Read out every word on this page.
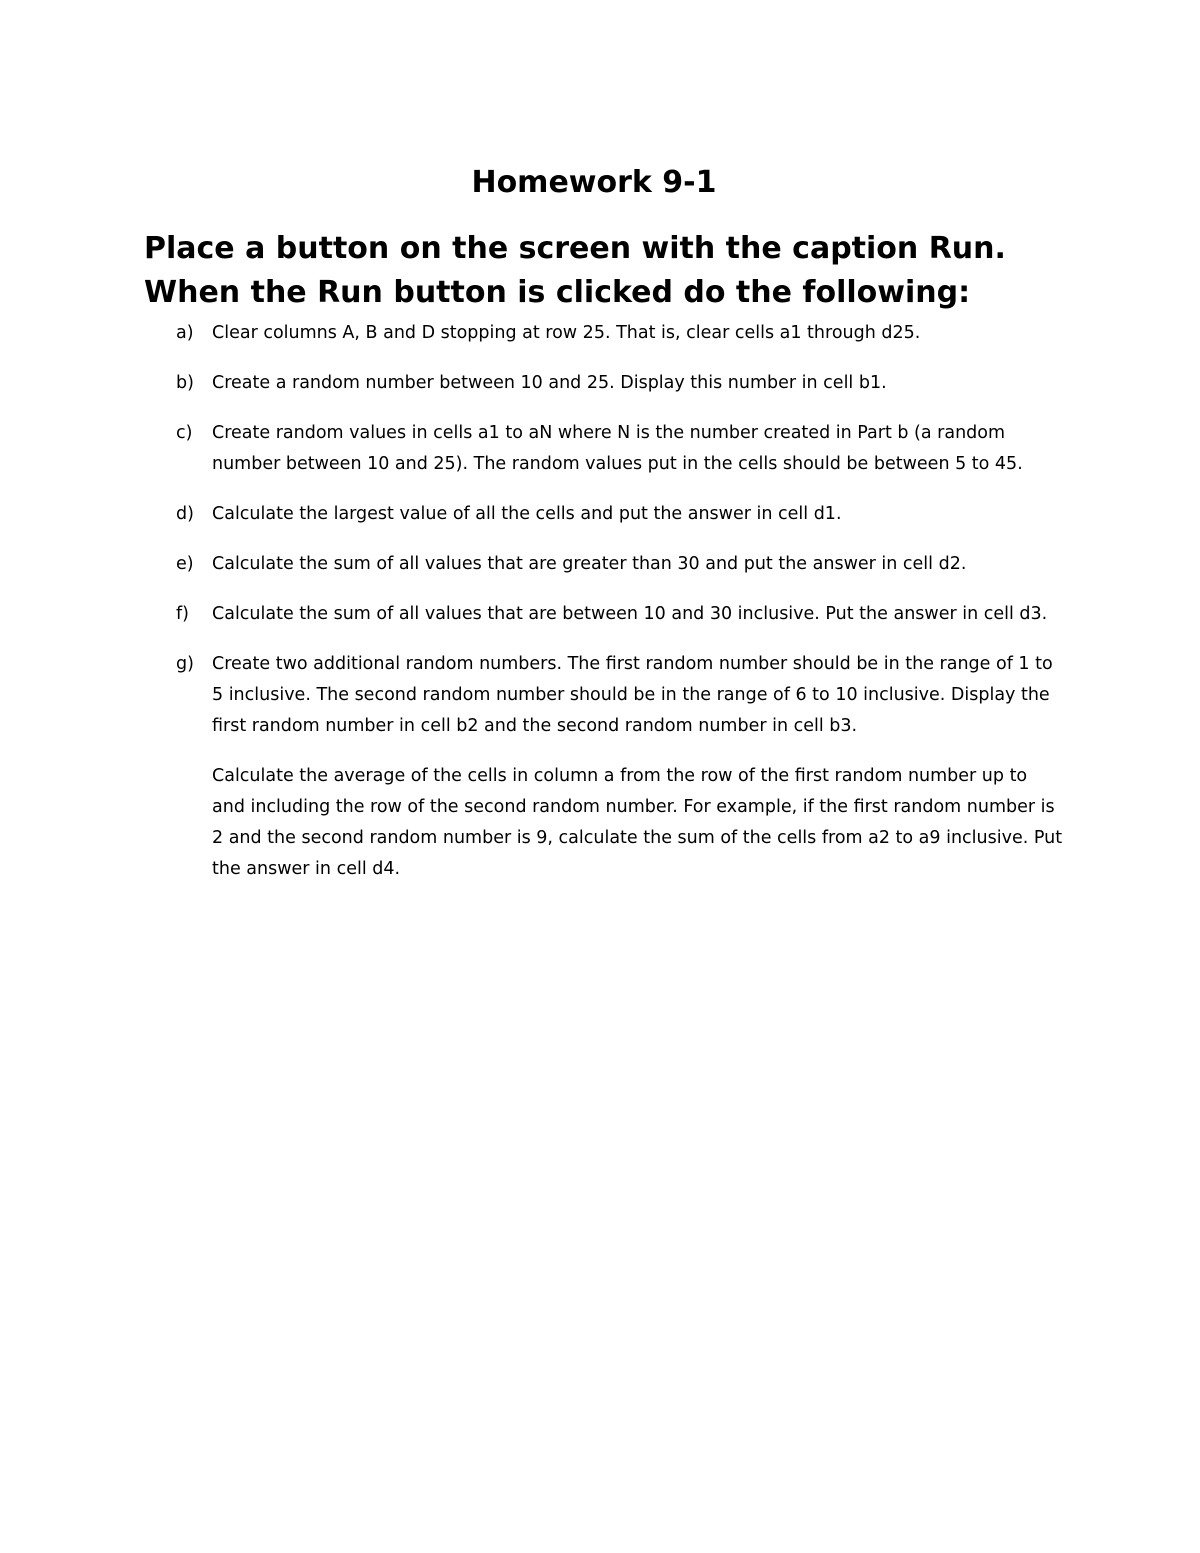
Homework 9-1
Place a button on the screen with the caption Run.
When the Run button is clicked do the following:
a) Clear columns A, B and D stopping at row 25. That is, clear cells a1 through d25.
b) Create a random number between 10 and 25. Display this number in cell b1.
c) Create random values in cells a1 to aN where N is the number created in Part b (a random number between 10 and 25). The random values put in the cells should be between 5 to 45.
d) Calculate the largest value of all the cells and put the answer in cell d1.
e) Calculate the sum of all values that are greater than 30 and put the answer in cell d2.
f) Calculate the sum of all values that are between 10 and 30 inclusive. Put the answer in cell d3.
g) Create two additional random numbers. The first random number should be in the range of 1 to 5 inclusive. The second random number should be in the range of 6 to 10 inclusive. Display the first random number in cell b2 and the second random number in cell b3.
Calculate the average of the cells in column a from the row of the first random number up to and including the row of the second random number. For example, if the first random number is 2 and the second random number is 9, calculate the sum of the cells from a2 to a9 inclusive. Put the answer in cell d4.
